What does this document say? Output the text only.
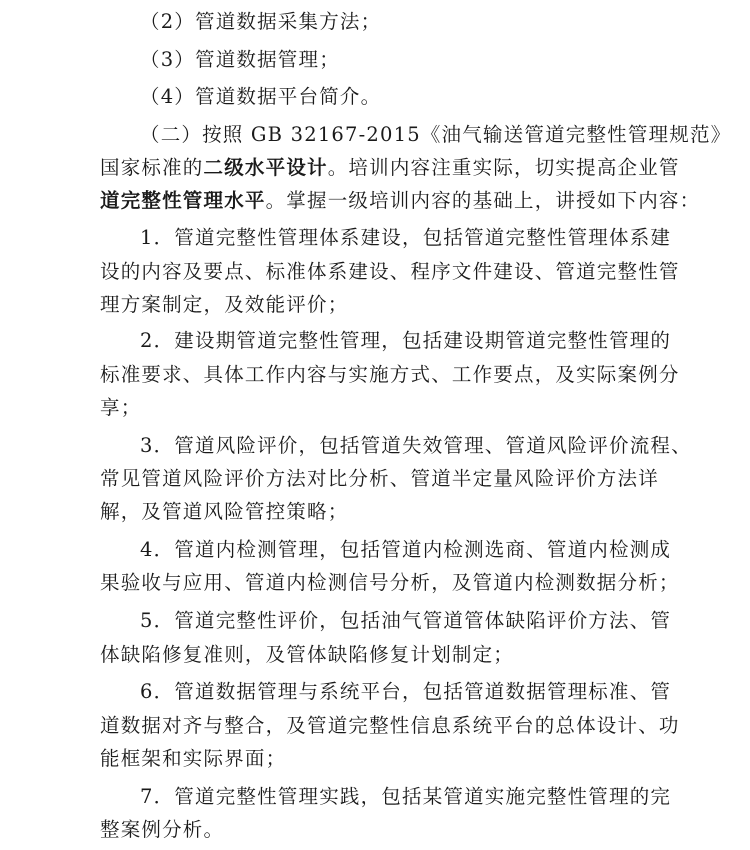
（2）管道数据采集方法；
（3）管道数据管理；
（4）管道数据平台简介。
（二）按照 GB 32167-2015《油气输送管道完整性管理规范》
国家标准的二级水平设计。培训内容注重实际，切实提高企业管
道完整性管理水平。掌握一级培训内容的基础上，讲授如下内容：
1．管道完整性管理体系建设，包括管道完整性管理体系建
设的内容及要点、标准体系建设、程序文件建设、管道完整性管
理方案制定，及效能评价；
2．建设期管道完整性管理，包括建设期管道完整性管理的
标准要求、具体工作内容与实施方式、工作要点，及实际案例分
享；
3．管道风险评价，包括管道失效管理、管道风险评价流程、
常见管道风险评价方法对比分析、管道半定量风险评价方法详
解，及管道风险管控策略；
4．管道内检测管理，包括管道内检测选商、管道内检测成
果验收与应用、管道内检测信号分析，及管道内检测数据分析；
5．管道完整性评价，包括油气管道管体缺陷评价方法、管
体缺陷修复准则，及管体缺陷修复计划制定；
6．管道数据管理与系统平台，包括管道数据管理标准、管
道数据对齐与整合，及管道完整性信息系统平台的总体设计、功
能框架和实际界面；
7．管道完整性管理实践，包括某管道实施完整性管理的完
整案例分析。
